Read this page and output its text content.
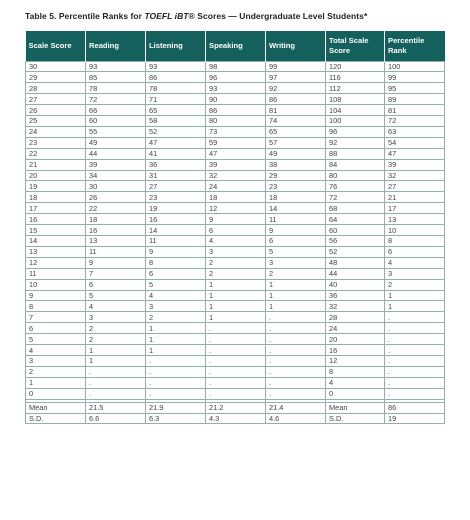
Table 5. Percentile Ranks for TOEFL iBT® Scores — Undergraduate Level Students*
Scale Score	Reading	Listening	Speaking	Writing	Total Scale Score	Percentile Rank
30	93	93	98	99	120	100
29	85	86	96	97	116	99
28	78	78	93	92	112	95
27	72	71	90	86	108	89
26	66	65	86	81	104	81
25	60	58	80	74	100	72
24	55	52	73	65	96	63
23	49	47	59	57	92	54
22	44	41	47	49	88	47
21	39	36	39	38	84	39
20	34	31	32	29	80	32
19	30	27	24	23	76	27
18	26	23	18	18	72	21
17	22	19	12	14	68	17
16	18	16	9	11	64	13
15	16	14	6	9	60	10
14	13	11	4	6	56	8
13	11	9	3	5	52	6
12	9	8	2	3	48	4
11	7	6	2	2	44	3
10	6	5	1	1	40	2
9	5	4	1	1	36	1
8	4	3	1	1	32	1
7	3	2	1	.	28	.
6	2	1	.	.	24	.
5	2	1	.	.	20	.
4	1	1	.	.	16	.
3	1	.	.	.	12	.
2	.	.	.	.	8	.
1	.	.	.	.	4	.
0	.	.	.	.	0	.

Mean	21.5	21.9	21.2	21.4	Mean	86
S.D.	6.6	6.3	4.3	4.6	S.D.	19
